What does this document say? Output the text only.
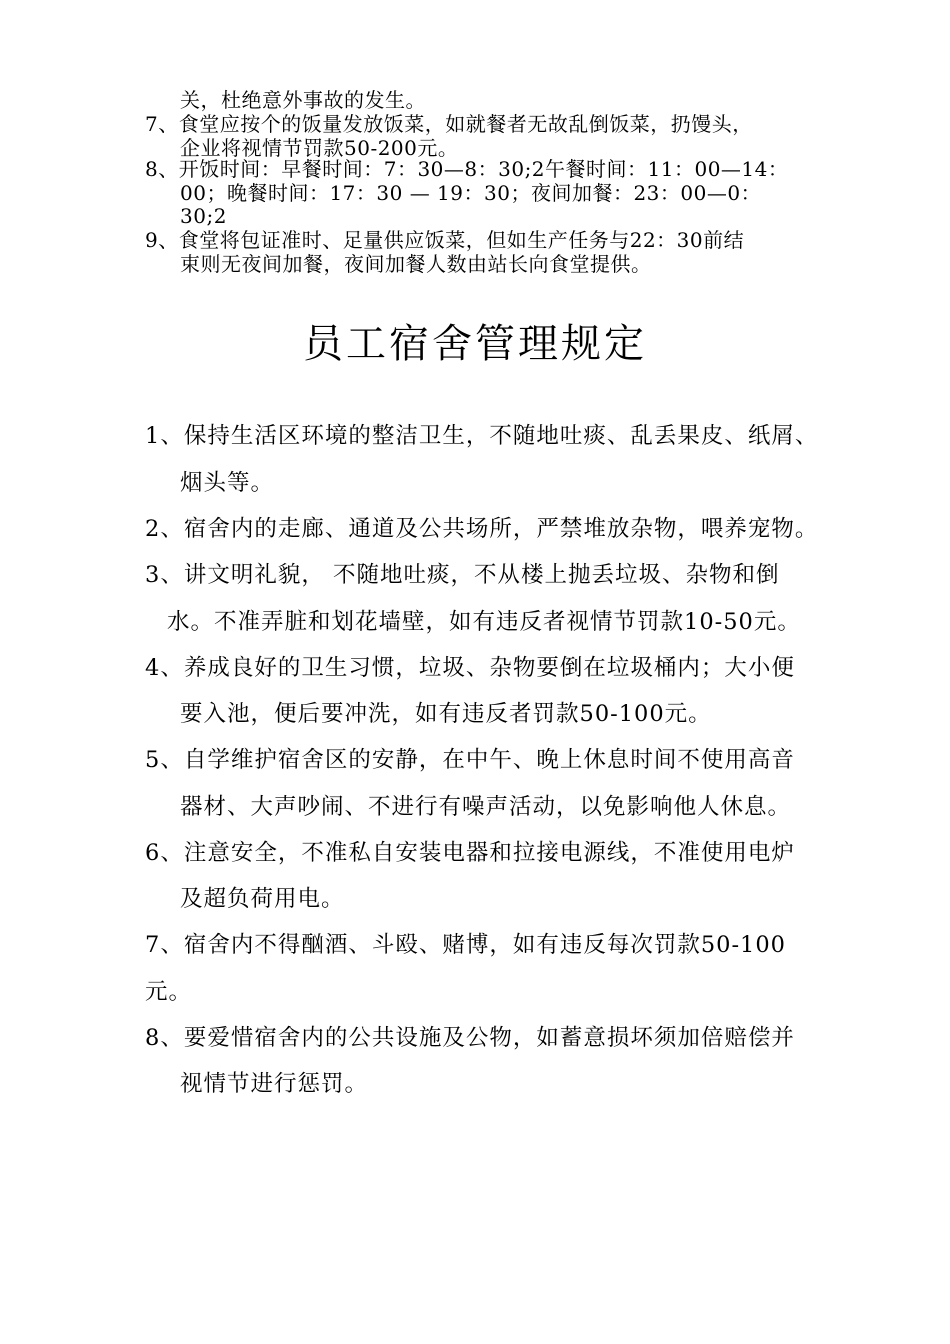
关，杜绝意外事故的发生。
7、食堂应按个的饭量发放饭菜，如就餐者无故乱倒饭菜，扔馒头，
企业将视情节罚款50-200元。
8、开饭时间：早餐时间：7：30—8：30;2午餐时间：11：00—14：
00；晚餐时间：17：30 — 19：30；夜间加餐：23：00—0：
30;2
9、食堂将包证准时、足量供应饭菜，但如生产任务与22：30前结
束则无夜间加餐，夜间加餐人数由站长向食堂提供。
员工宿舍管理规定
1、保持生活区环境的整洁卫生，不随地吐痰、乱丢果皮、纸屑、
烟头等。
2、宿舍内的走廊、通道及公共场所，严禁堆放杂物，喂养宠物。
3、讲文明礼貌， 不随地吐痰，不从楼上抛丢垃圾、杂物和倒
水。不准弄脏和划花墙壁，如有违反者视情节罚款10-50元。
4、养成良好的卫生习惯，垃圾、杂物要倒在垃圾桶内；大小便
要入池，便后要冲洗，如有违反者罚款50-100元。
5、自学维护宿舍区的安静，在中午、晚上休息时间不使用高音
器材、大声吵闹、不进行有噪声活动，以免影响他人休息。
6、注意安全，不准私自安装电器和拉接电源线，不准使用电炉
及超负荷用电。
7、宿舍内不得酗酒、斗殴、赌博，如有违反每次罚款50-100
元。
8、要爱惜宿舍内的公共设施及公物，如蓄意损坏须加倍赔偿并
视情节进行惩罚。
